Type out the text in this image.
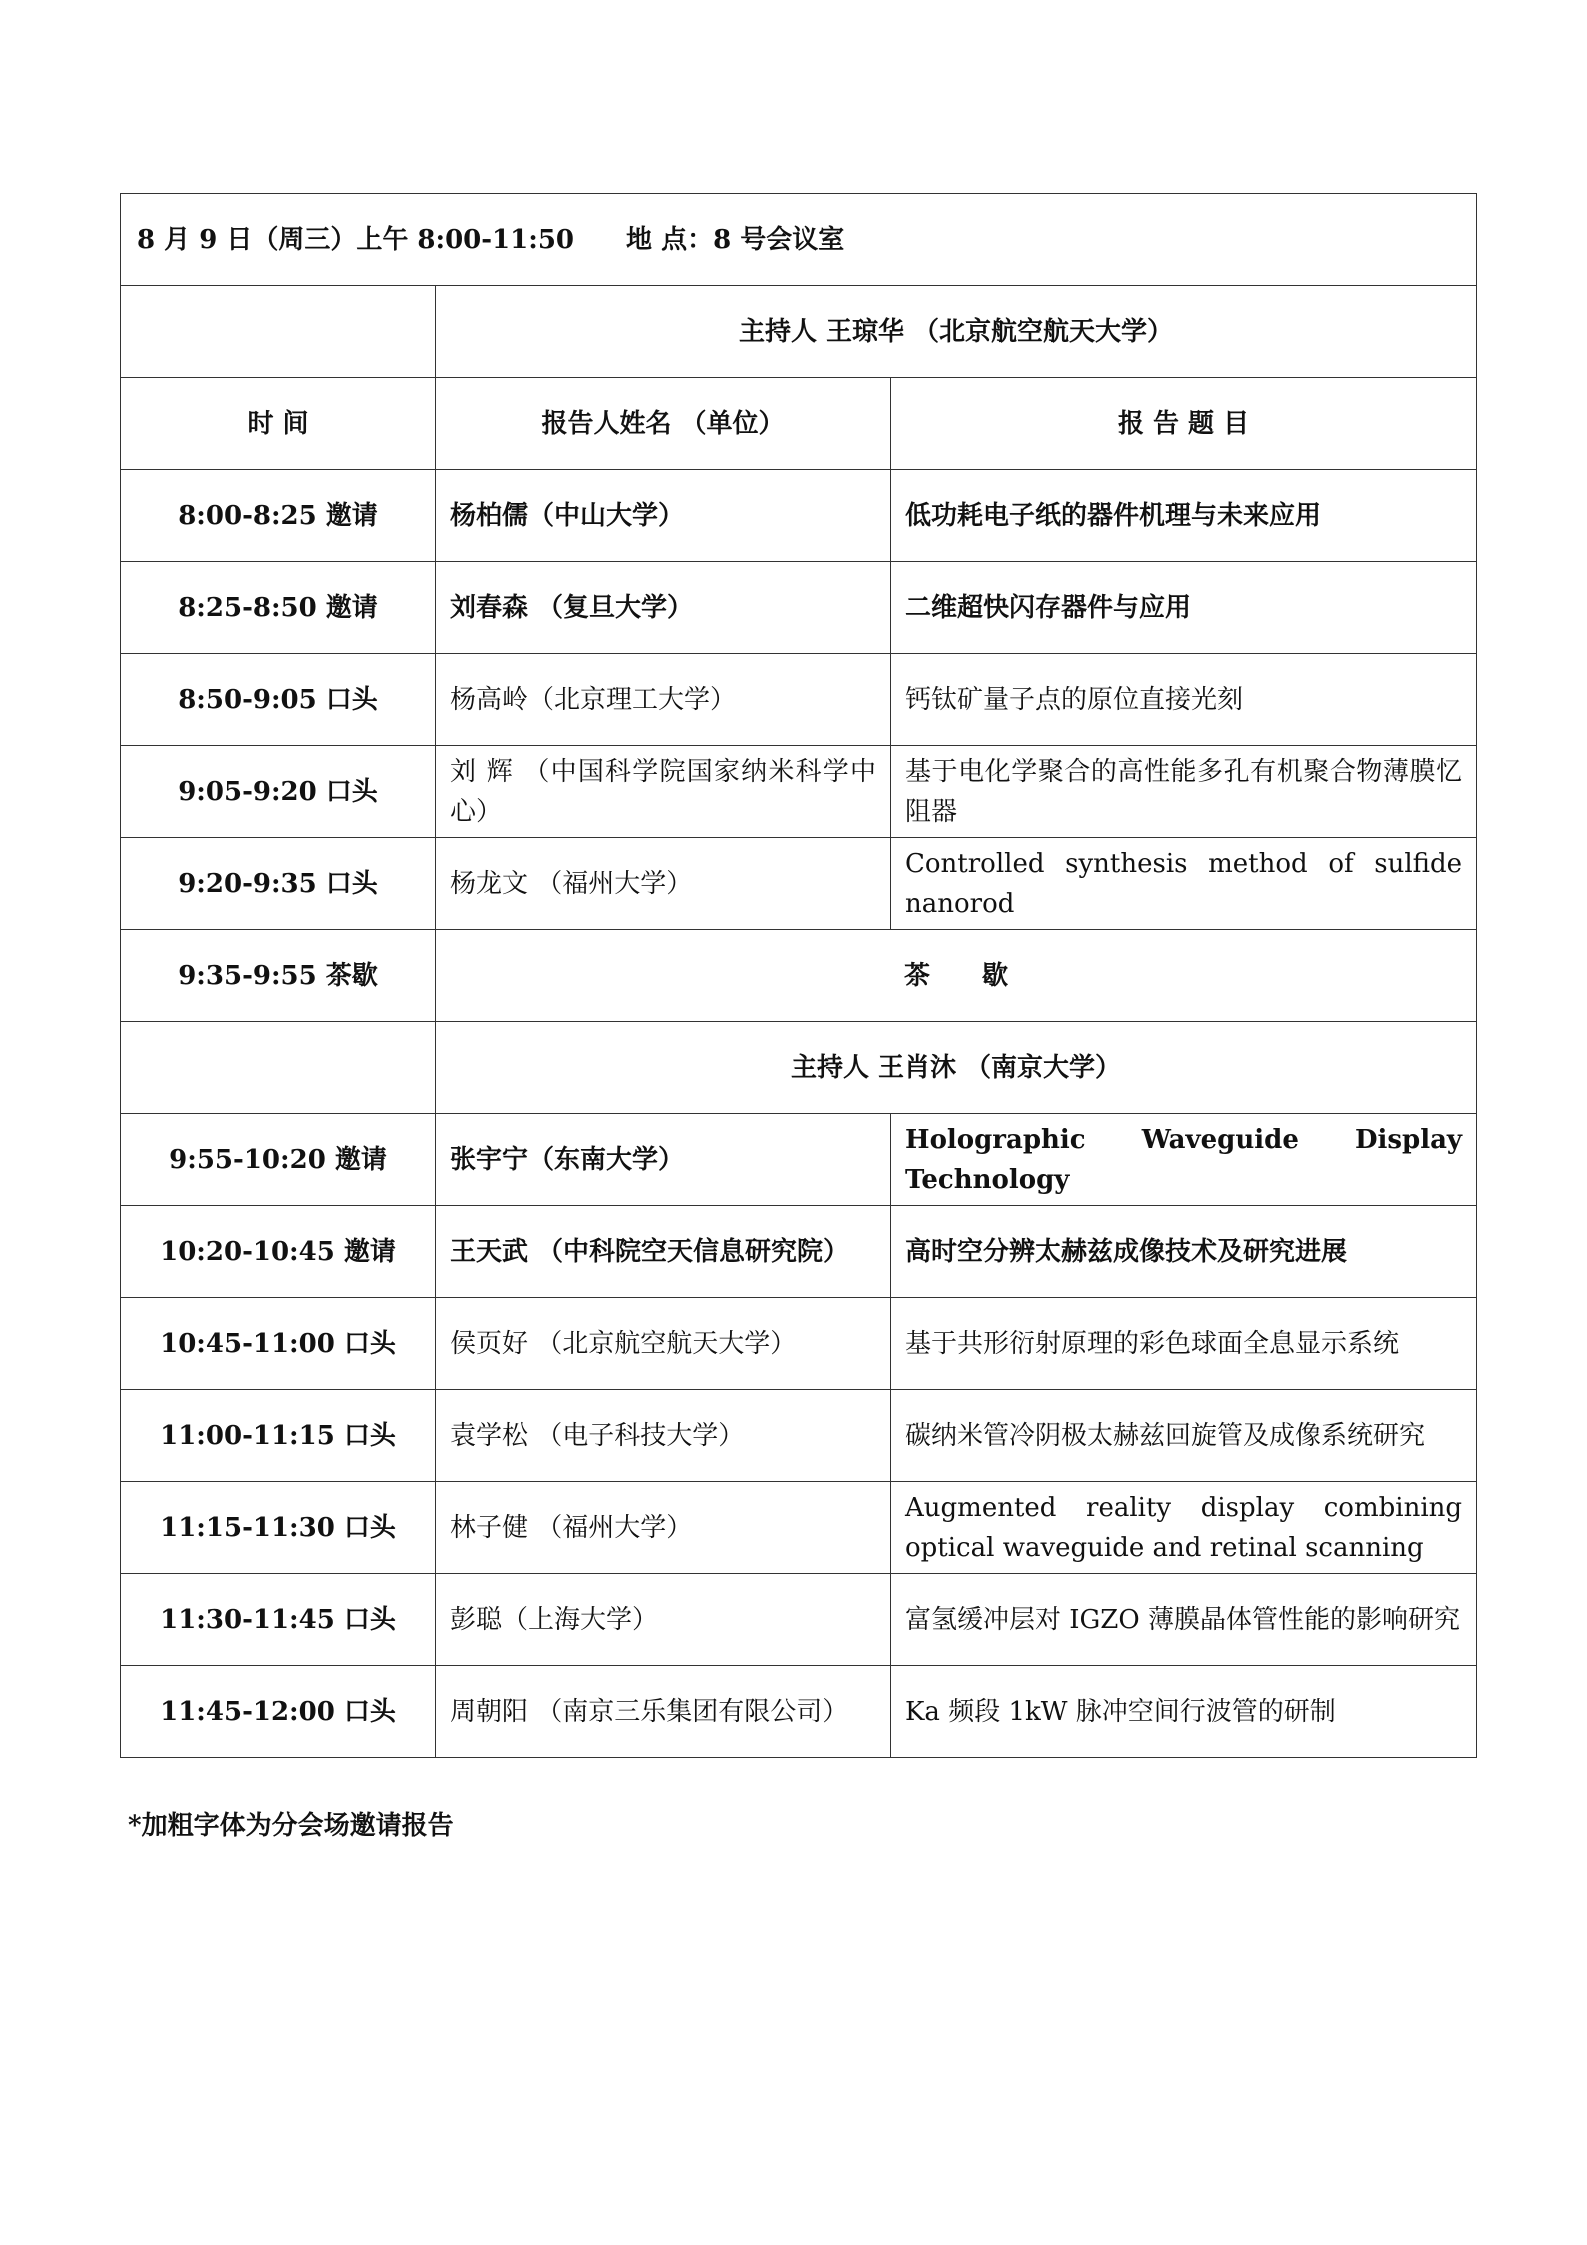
8 月 9 日（周三）上午 8:00-11:50　　地 点：8 号会议室		
	主持人 王琼华 （北京航空航天大学）	
时 间	报告人姓名 （单位）	报 告 题 目
8:00-8:25 邀请	杨柏儒（中山大学）	低功耗电子纸的器件机理与未来应用
8:25-8:50 邀请	刘春森 （复旦大学）	二维超快闪存器件与应用
8:50-9:05 口头	杨高岭（北京理工大学）	钙钛矿量子点的原位直接光刻
9:05-9:20 口头	刘 辉 （中国科学院国家纳米科学中心）	基于电化学聚合的高性能多孔有机聚合物薄膜忆阻器
9:20-9:35 口头	杨龙文 （福州大学）	Controlled synthesis method of sulfide nanorod
9:35-9:55 茶歇	茶　　歇	
	主持人 王肖沐 （南京大学）	
9:55-10:20 邀请	张宇宁（东南大学）	Holographic Waveguide Display Technology
10:20-10:45 邀请	王天武 （中科院空天信息研究院）	高时空分辨太赫兹成像技术及研究进展
10:45-11:00 口头	侯页好 （北京航空航天大学）	基于共形衍射原理的彩色球面全息显示系统
11:00-11:15 口头	袁学松 （电子科技大学）	碳纳米管冷阴极太赫兹回旋管及成像系统研究
11:15-11:30 口头	林子健 （福州大学）	Augmented reality display combining optical waveguide and retinal scanning
11:30-11:45 口头	彭聪（上海大学）	富氢缓冲层对 IGZO 薄膜晶体管性能的影响研究
11:45-12:00 口头	周朝阳 （南京三乐集团有限公司）	Ka 频段 1kW 脉冲空间行波管的研制
*加粗字体为分会场邀请报告
